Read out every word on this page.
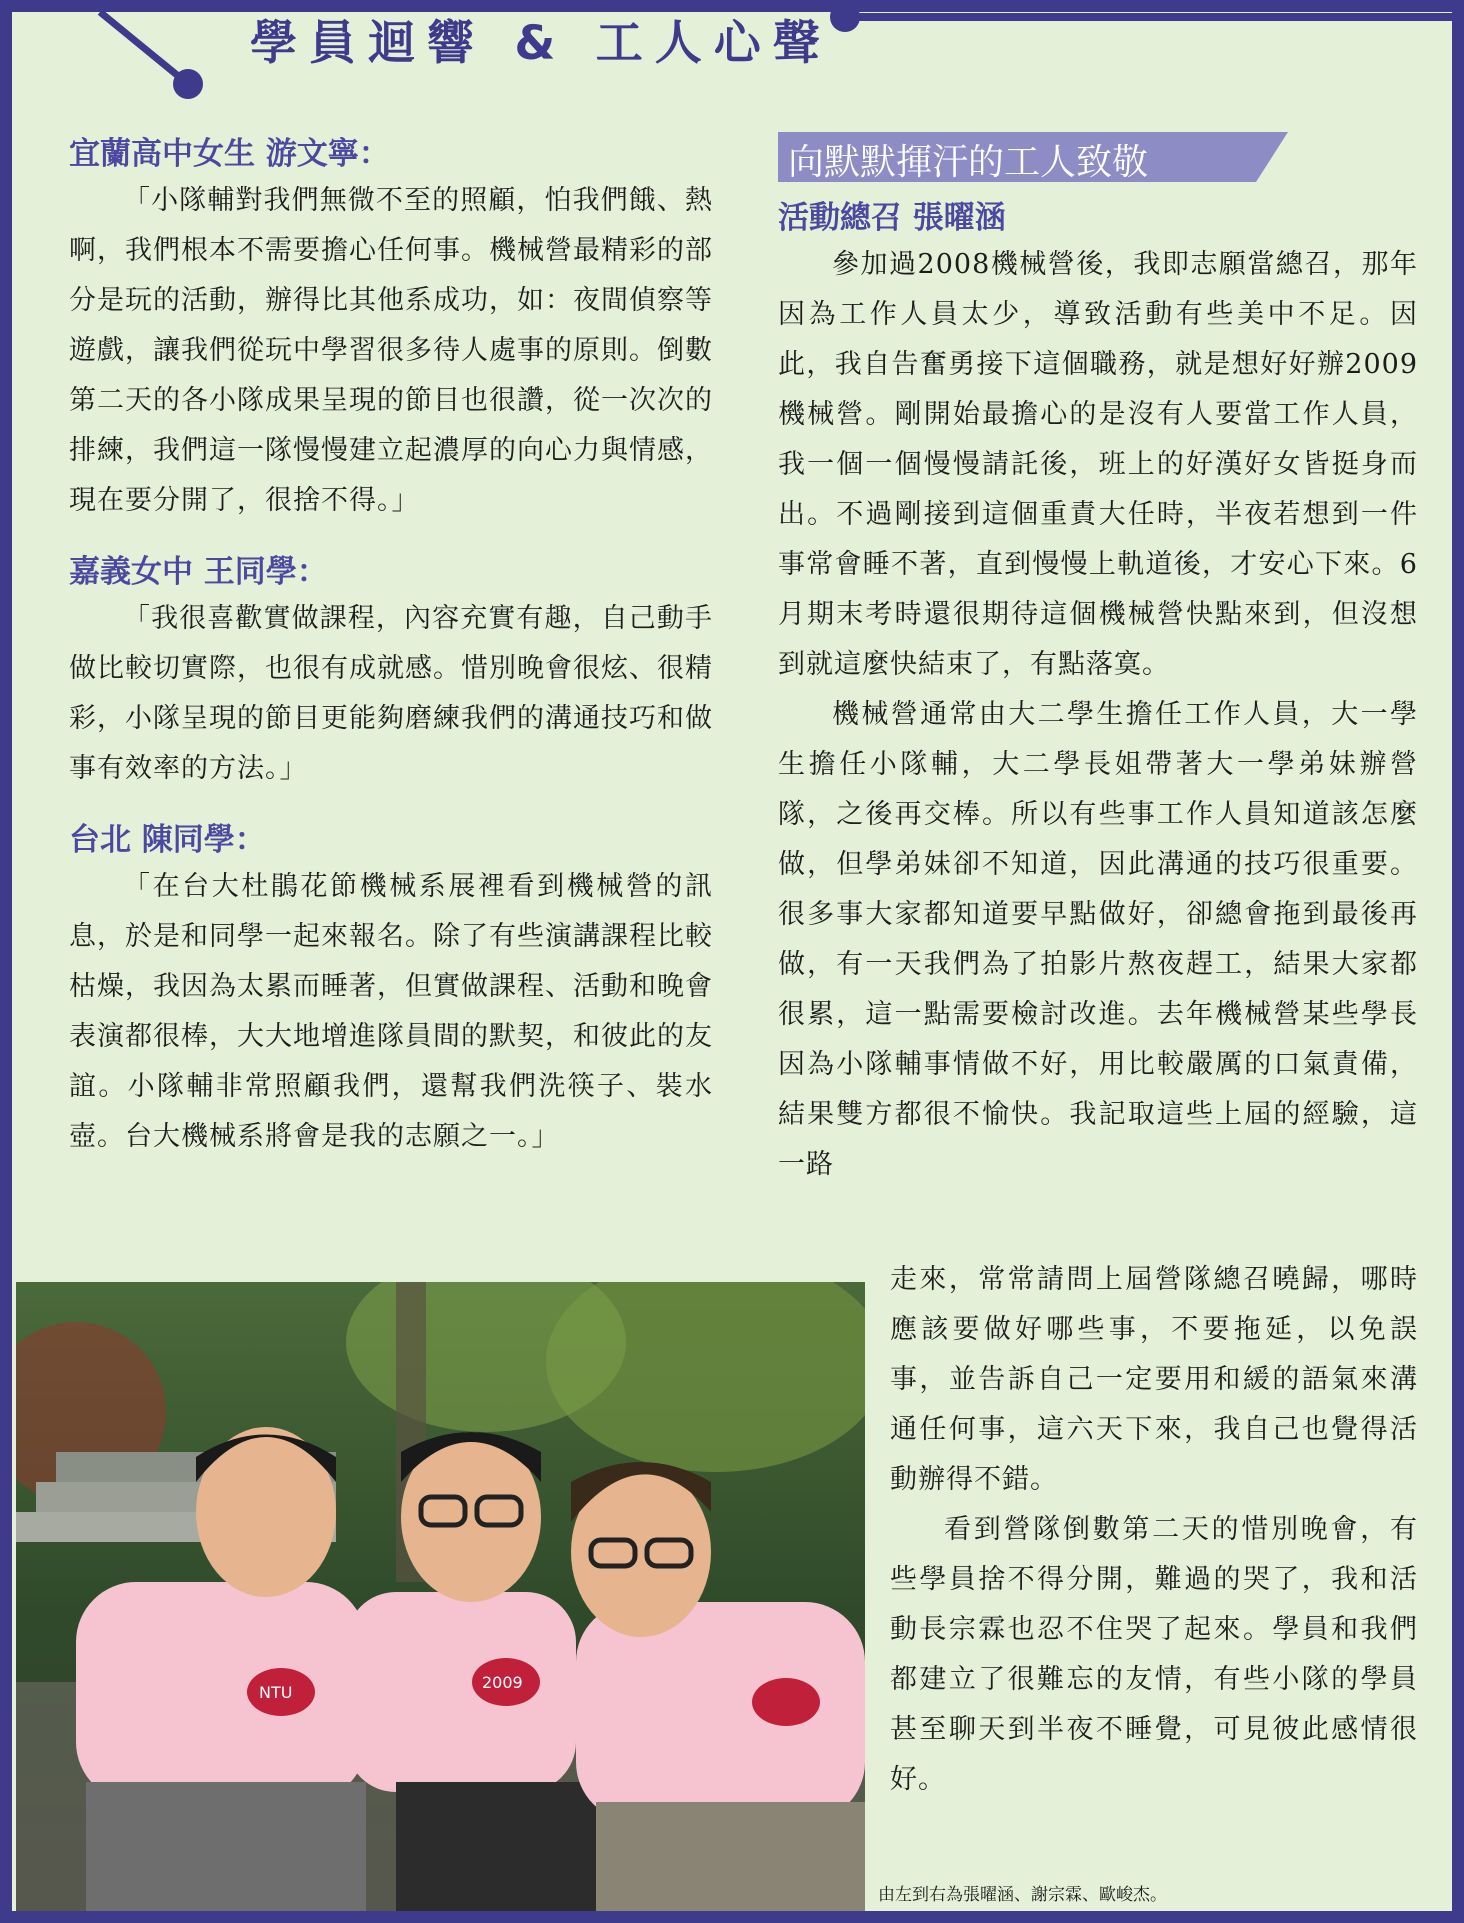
學員迴響 & 工人心聲
宜蘭高中女生 游文寧：

「小隊輔對我們無微不至的照顧，怕我們餓、熱啊，我們根本不需要擔心任何事。機械營最精彩的部分是玩的活動，辦得比其他系成功，如：夜間偵察等遊戲，讓我們從玩中學習很多待人處事的原則。倒數第二天的各小隊成果呈現的節目也很讚，從一次次的排練，我們這一隊慢慢建立起濃厚的向心力與情感，現在要分開了，很捨不得。」

嘉義女中 王同學：

「我很喜歡實做課程，內容充實有趣，自己動手做比較切實際，也很有成就感。惜別晚會很炫、很精彩，小隊呈現的節目更能夠磨練我們的溝通技巧和做事有效率的方法。」

台北 陳同學：

「在台大杜鵑花節機械系展裡看到機械營的訊息，於是和同學一起來報名。除了有些演講課程比較枯燥，我因為太累而睡著，但實做課程、活動和晚會表演都很棒，大大地增進隊員間的默契，和彼此的友誼。小隊輔非常照顧我們，還幫我們洗筷子、裝水壺。台大機械系將會是我的志願之一。」

向默默揮汗的工人致敬
活動總召 張曜涵

參加過2008機械營後，我即志願當總召，那年因為工作人員太少，導致活動有些美中不足。因此，我自告奮勇接下這個職務，就是想好好辦2009機械營。剛開始最擔心的是沒有人要當工作人員，我一個一個慢慢請託後，班上的好漢好女皆挺身而出。不過剛接到這個重責大任時，半夜若想到一件事常會睡不著，直到慢慢上軌道後，才安心下來。6月期末考時還很期待這個機械營快點來到，但沒想到就這麼快結束了，有點落寞。

機械營通常由大二學生擔任工作人員，大一學生擔任小隊輔，大二學長姐帶著大一學弟妹辦營隊，之後再交棒。所以有些事工作人員知道該怎麼做，但學弟妹卻不知道，因此溝通的技巧很重要。很多事大家都知道要早點做好，卻總會拖到最後再做，有一天我們為了拍影片熬夜趕工，結果大家都很累，這一點需要檢討改進。去年機械營某些學長因為小隊輔事情做不好，用比較嚴厲的口氣責備，結果雙方都很不愉快。我記取這些上屆的經驗，這一路

走來，常常請問上屆營隊總召曉歸，哪時應該要做好哪些事，不要拖延，以免誤事，並告訴自己一定要用和緩的語氣來溝通任何事，這六天下來，我自己也覺得活動辦得不錯。

看到營隊倒數第二天的惜別晚會，有些學員捨不得分開，難過的哭了，我和活動長宗霖也忍不住哭了起來。學員和我們都建立了很難忘的友情，有些小隊的學員甚至聊天到半夜不睡覺，可見彼此感情很好。

NTU
2009
由左到右為張曜涵、謝宗霖、歐峻杰。
